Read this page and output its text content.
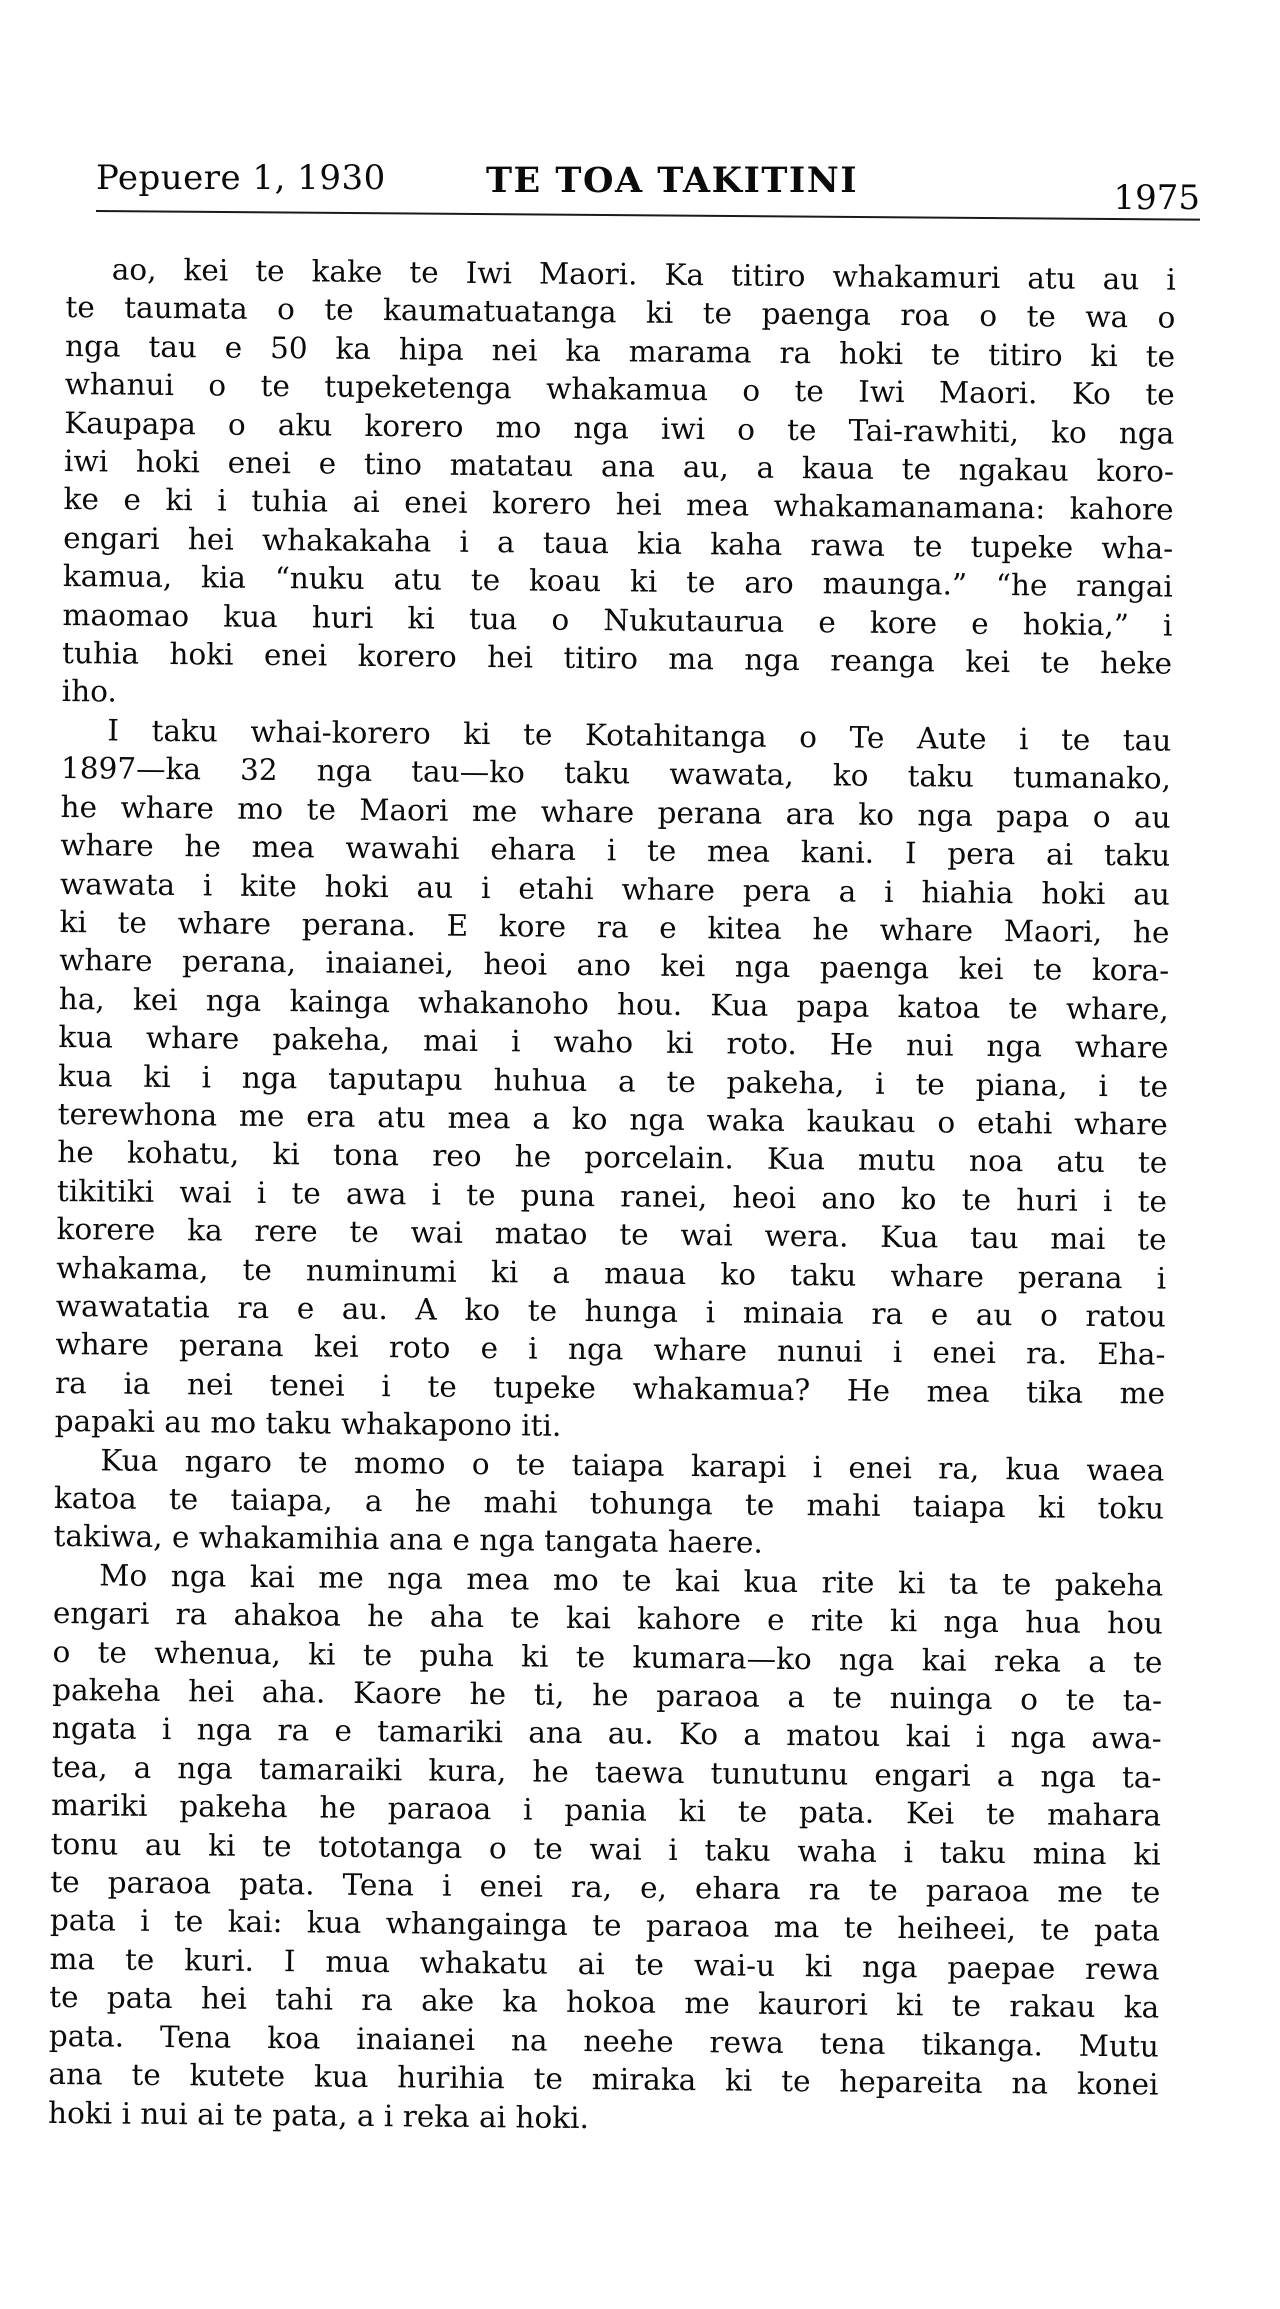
Pepuere 1, 1930	TE TOA TAKITINI	1975
ao, kei te kake te Iwi Maori. Ka titiro whakamuri atu au i
te taumata o te kaumatuatanga ki te paenga roa o te wa o
nga tau e 50 ka hipa nei ka marama ra hoki te titiro ki te
whanui o te tupeketenga whakamua o te Iwi Maori. Ko te
Kaupapa o aku korero mo nga iwi o te Tai-rawhiti, ko nga
iwi hoki enei e tino matatau ana au, a kaua te ngakau koro-
ke e ki i tuhia ai enei korero hei mea whakamanamana: kahore
engari hei whakakaha i a taua kia kaha rawa te tupeke wha-
kamua, kia “nuku atu te koau ki te aro maunga.” “he rangai
maomao kua huri ki tua o Nukutaurua e kore e hokia,” i
tuhia hoki enei korero hei titiro ma nga reanga kei te heke
iho.
I taku whai-korero ki te Kotahitanga o Te Aute i te tau
1897—ka 32 nga tau—ko taku wawata, ko taku tumanako,
he whare mo te Maori me whare perana ara ko nga papa o au
whare he mea wawahi ehara i te mea kani. I pera ai taku
wawata i kite hoki au i etahi whare pera a i hiahia hoki au
ki te whare perana. E kore ra e kitea he whare Maori, he
whare perana, inaianei, heoi ano kei nga paenga kei te kora-
ha, kei nga kainga whakanoho hou. Kua papa katoa te whare,
kua whare pakeha, mai i waho ki roto. He nui nga whare
kua ki i nga taputapu huhua a te pakeha, i te piana, i te
terewhona me era atu mea a ko nga waka kaukau o etahi whare
he kohatu, ki tona reo he porcelain. Kua mutu noa atu te
tikitiki wai i te awa i te puna ranei, heoi ano ko te huri i te
korere ka rere te wai matao te wai wera. Kua tau mai te
whakama, te numinumi ki a maua ko taku whare perana i
wawatatia ra e au. A ko te hunga i minaia ra e au o ratou
whare perana kei roto e i nga whare nunui i enei ra. Eha-
ra ia nei tenei i te tupeke whakamua? He mea tika me
papaki au mo taku whakapono iti.
Kua ngaro te momo o te taiapa karapi i enei ra, kua waea
katoa te taiapa, a he mahi tohunga te mahi taiapa ki toku
takiwa, e whakamihia ana e nga tangata haere.
Mo nga kai me nga mea mo te kai kua rite ki ta te pakeha
engari ra ahakoa he aha te kai kahore e rite ki nga hua hou
o te whenua, ki te puha ki te kumara—ko nga kai reka a te
pakeha hei aha. Kaore he ti, he paraoa a te nuinga o te ta-
ngata i nga ra e tamariki ana au. Ko a matou kai i nga awa-
tea, a nga tamaraiki kura, he taewa tunutunu engari a nga ta-
mariki pakeha he paraoa i pania ki te pata. Kei te mahara
tonu au ki te tototanga o te wai i taku waha i taku mina ki
te paraoa pata. Tena i enei ra, e, ehara ra te paraoa me te
pata i te kai: kua whangainga te paraoa ma te heiheei, te pata
ma te kuri. I mua whakatu ai te wai-u ki nga paepae rewa
te pata hei tahi ra ake ka hokoa me kaurori ki te rakau ka
pata. Tena koa inaianei na neehe rewa tena tikanga. Mutu
ana te kutete kua hurihia te miraka ki te hepareita na konei
hoki i nui ai te pata, a i reka ai hoki.
